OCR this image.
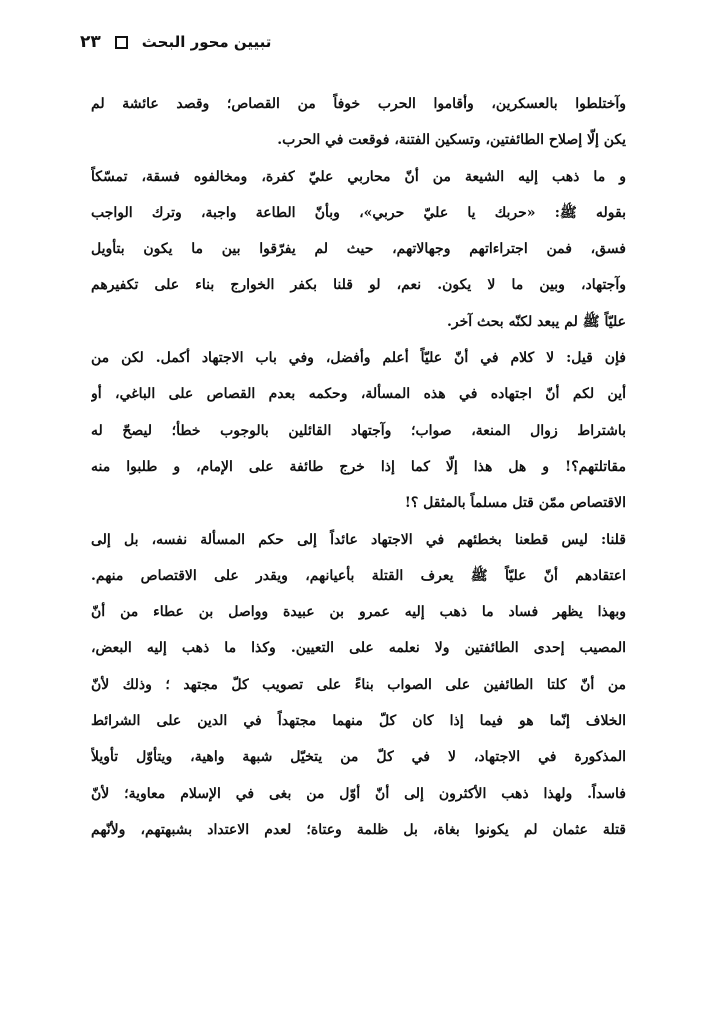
تبيين محور البحث
٢٣
وآختلطوا بالعسكرين، وأقاموا الحرب خوفاً من القصاص؛ وقصد عائشة لم
يكن إلّا إصلاح الطائفتين، وتسكين الفتنة، فوقعت في الحرب.
و ما ذهب إليه الشيعة من أنّ محاربي عليّ كفرة، ومخالفوه فسقة، تمسّكاً
بقوله ﷺ: «حربك يا عليّ حربي»، وبأنّ الطاعة واجبة، وترك الواجب
فسق، فمن اجتراءاتهم وجهالاتهم، حيث لم يفرّقوا بين ما يكون بتأويل
وآجتهاد، وبين ما لا يكون. نعم، لو قلنا بكفر الخوارج بناء على تكفيرهم
عليّاً ﷺ لم يبعد لكنّه بحث آخر.
فإن قيل: لا كلام في أنّ عليّاً أعلم وأفضل، وفي باب الاجتهاد أكمل. لكن من
أين لكم أنّ اجتهاده في هذه المسألة، وحكمه بعدم القصاص على الباغي، أو
باشتراط زوال المنعة، صواب؛ وآجتهاد القائلين بالوجوب خطأ؛ ليصحّ له
مقاتلتهم؟! و هل هذا إلّا كما إذا خرج طائفة على الإمام، و طلبوا منه
الاقتصاص ممّن قتل مسلماً بالمثقل ؟!
قلنا: ليس قطعنا بخطئهم في الاجتهاد عائداً إلى حكم المسألة نفسه، بل إلى
اعتقادهم أنّ عليّاً ﷺ يعرف القتلة بأعيانهم، ويقدر على الاقتصاص منهم.
وبهذا يظهر فساد ما ذهب إليه عمرو بن عبيدة وواصل بن عطاء من أنّ
المصيب إحدى الطائفتين ولا نعلمه على التعيين. وكذا ما ذهب إليه البعض،
من أنّ كلتا الطائفين على الصواب بناءً على تصويب كلّ مجتهد ؛ وذلك لأنّ
الخلاف إنّما هو فيما إذا كان كلّ منهما مجتهداً في الدين على الشرائط
المذكورة في الاجتهاد، لا في كلّ من يتخيّل شبهة واهية، ويتأوّل تأويلاً
فاسداً. ولهذا ذهب الأكثرون إلى أنّ أوّل من بغى في الإسلام معاوية؛ لأنّ
قتلة عثمان لم يكونوا بغاة، بل ظلمة وعتاة؛ لعدم الاعتداد بشبهتهم، ولأنّهم
